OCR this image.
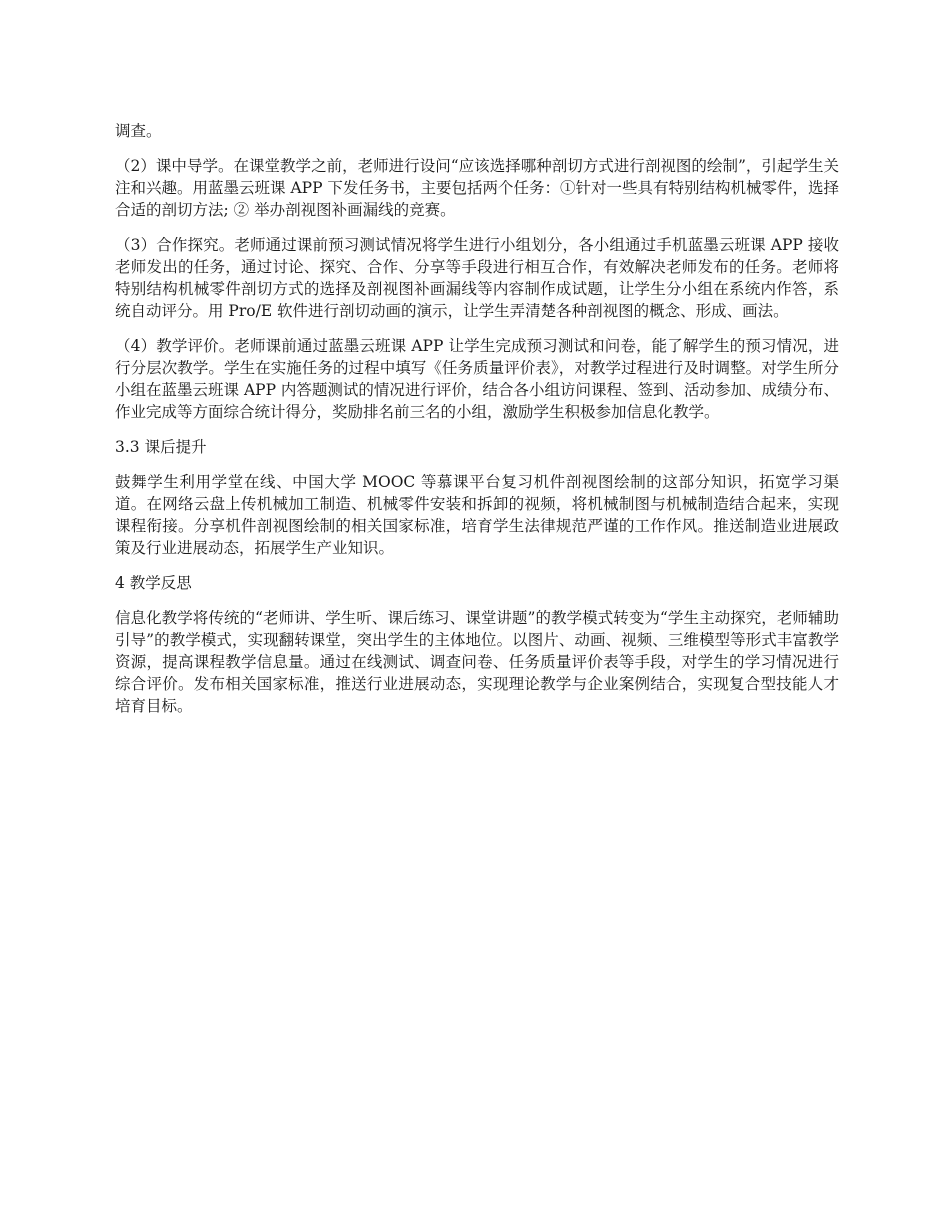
调查。

（2）课中导学。在课堂教学之前，老师进行设问“应该选择哪种剖切方式进行剖视图的绘制”，引起学生关注和兴趣。用蓝墨云班课 APP 下发任务书，主要包括两个任务：①针对一些具有特别结构机械零件，选择合适的剖切方法; ② 举办剖视图补画漏线的竞赛。

（3）合作探究。老师通过课前预习测试情况将学生进行小组划分，各小组通过手机蓝墨云班课 APP 接收老师发出的任务，通过讨论、探究、合作、分享等手段进行相互合作，有效解决老师发布的任务。老师将特别结构机械零件剖切方式的选择及剖视图补画漏线等内容制作成试题，让学生分小组在系统内作答，系统自动评分。用 Pro/E 软件进行剖切动画的演示，让学生弄清楚各种剖视图的概念、形成、画法。

（4）教学评价。老师课前通过蓝墨云班课 APP 让学生完成预习测试和问卷，能了解学生的预习情况，进行分层次教学。学生在实施任务的过程中填写《任务质量评价表》，对教学过程进行及时调整。对学生所分小组在蓝墨云班课 APP 内答题测试的情况进行评价，结合各小组访问课程、签到、活动参加、成绩分布、作业完成等方面综合统计得分，奖励排名前三名的小组，激励学生积极参加信息化教学。

3.3 课后提升

鼓舞学生利用学堂在线、中国大学 MOOC 等慕课平台复习机件剖视图绘制的这部分知识，拓宽学习渠道。在网络云盘上传机械加工制造、机械零件安装和拆卸的视频，将机械制图与机械制造结合起来，实现课程衔接。分享机件剖视图绘制的相关国家标准，培育学生法律规范严谨的工作作风。推送制造业进展政策及行业进展动态，拓展学生产业知识。

4 教学反思

信息化教学将传统的“老师讲、学生听、课后练习、课堂讲题”的教学模式转变为“学生主动探究，老师辅助引导”的教学模式，实现翻转课堂，突出学生的主体地位。以图片、动画、视频、三维模型等形式丰富教学资源，提高课程教学信息量。通过在线测试、调查问卷、任务质量评价表等手段，对学生的学习情况进行综合评价。发布相关国家标准，推送行业进展动态，实现理论教学与企业案例结合，实现复合型技能人才培育目标。
